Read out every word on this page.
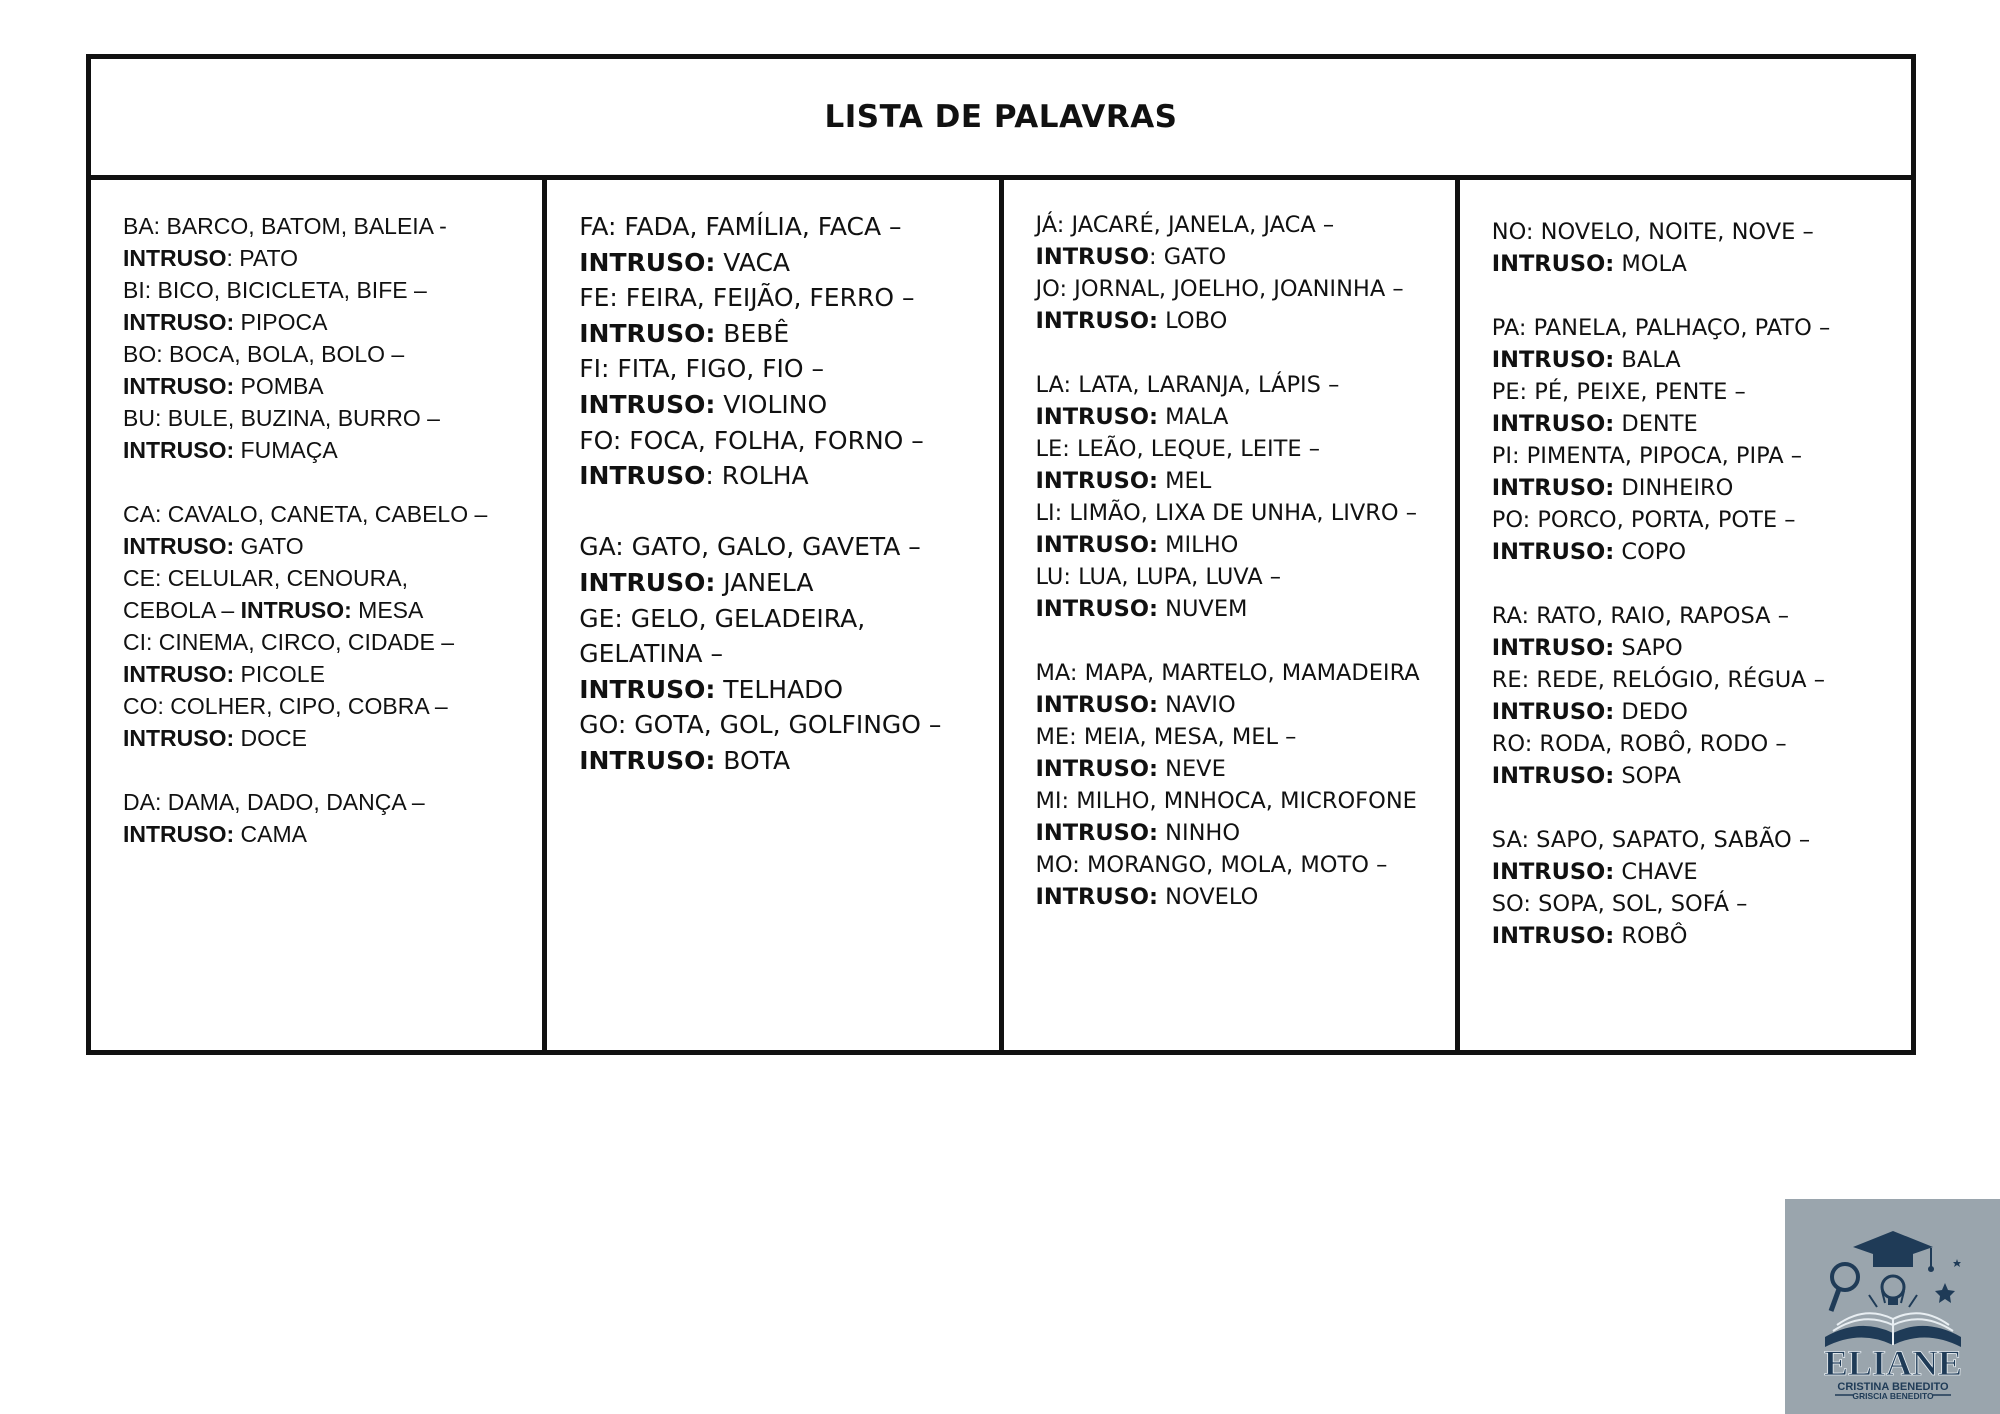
LISTA DE PALAVRAS
BA: BARCO, BATOM, BALEIA -
INTRUSO: PATO
BI: BICO, BICICLETA, BIFE –
INTRUSO: PIPOCA
BO: BOCA, BOLA, BOLO –
INTRUSO: POMBA
BU: BULE, BUZINA, BURRO –
INTRUSO: FUMAÇA
CA: CAVALO, CANETA, CABELO –
INTRUSO: GATO
CE: CELULAR, CENOURA,
CEBOLA – INTRUSO: MESA
CI: CINEMA, CIRCO, CIDADE –
INTRUSO: PICOLE
CO: COLHER, CIPO, COBRA –
INTRUSO: DOCE
DA: DAMA, DADO, DANÇA –
INTRUSO: CAMA
FA: FADA, FAMÍLIA, FACA –
INTRUSO: VACA
FE: FEIRA, FEIJÃO, FERRO –
INTRUSO: BEBÊ
FI: FITA, FIGO, FIO –
INTRUSO: VIOLINO
FO: FOCA, FOLHA, FORNO –
INTRUSO: ROLHA
GA: GATO, GALO, GAVETA –
INTRUSO: JANELA
GE: GELO, GELADEIRA,
GELATINA –
INTRUSO: TELHADO
GO: GOTA, GOL, GOLFINGO –
INTRUSO: BOTA
JÁ: JACARÉ, JANELA, JACA –
INTRUSO: GATO
JO: JORNAL, JOELHO, JOANINHA –
INTRUSO: LOBO
LA: LATA, LARANJA, LÁPIS –
INTRUSO: MALA
LE: LEÃO, LEQUE, LEITE –
INTRUSO: MEL
LI: LIMÃO, LIXA DE UNHA, LIVRO –
INTRUSO: MILHO
LU: LUA, LUPA, LUVA –
INTRUSO: NUVEM
MA: MAPA, MARTELO, MAMADEIRA
INTRUSO: NAVIO
ME: MEIA, MESA, MEL –
INTRUSO: NEVE
MI: MILHO, MNHOCA, MICROFONE
INTRUSO: NINHO
MO: MORANGO, MOLA, MOTO –
INTRUSO: NOVELO
NO: NOVELO, NOITE, NOVE –
INTRUSO: MOLA
PA: PANELA, PALHAÇO, PATO –
INTRUSO: BALA
PE: PÉ, PEIXE, PENTE –
INTRUSO: DENTE
PI: PIMENTA, PIPOCA, PIPA –
INTRUSO: DINHEIRO
PO: PORCO, PORTA, POTE –
INTRUSO: COPO
RA: RATO, RAIO, RAPOSA –
INTRUSO: SAPO
RE: REDE, RELÓGIO, RÉGUA –
INTRUSO: DEDO
RO: RODA, ROBÔ, RODO –
INTRUSO: SOPA
SA: SAPO, SAPATO, SABÃO –
INTRUSO: CHAVE
SO: SOPA, SOL, SOFÁ –
INTRUSO: ROBÔ
ELIANE
CRISTINA BENEDITO
GRISCIA BENEDITO
